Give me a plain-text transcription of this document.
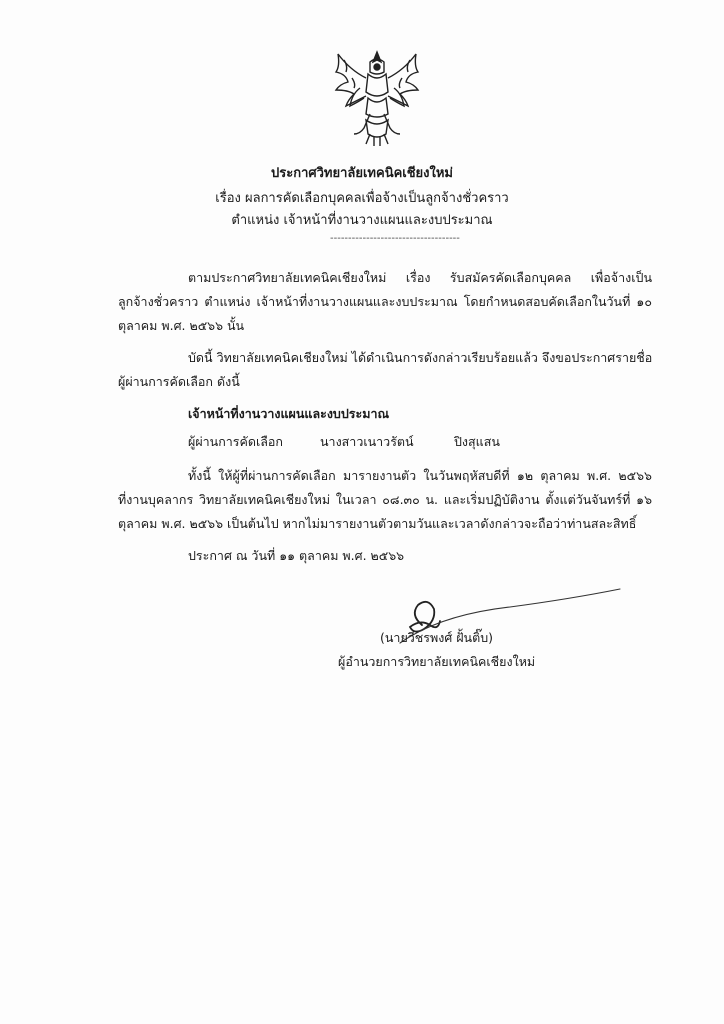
ประกาศวิทยาลัยเทคนิคเชียงใหม่
เรื่อง ผลการคัดเลือกบุคคลเพื่อจ้างเป็นลูกจ้างชั่วคราว
ตำแหน่ง เจ้าหน้าที่งานวางแผนและงบประมาณ
------------------------------------
ตามประกาศวิทยาลัยเทคนิคเชียงใหม่ เรื่อง รับสมัครคัดเลือกบุคคล เพื่อจ้างเป็น
ลูกจ้างชั่วคราว ตำแหน่ง เจ้าหน้าที่งานวางแผนและงบประมาณ โดยกำหนดสอบคัดเลือกในวันที่ ๑๐
ตุลาคม พ.ศ. ๒๕๖๖ นั้น
บัดนี้ วิทยาลัยเทคนิคเชียงใหม่ ได้ดำเนินการดังกล่าวเรียบร้อยแล้ว จึงขอประกาศรายชื่อ
ผู้ผ่านการคัดเลือก ดังนี้
เจ้าหน้าที่งานวางแผนและงบประมาณ
ผู้ผ่านการคัดเลือก	นางสาวเนาวรัตน์	ปิงสุแสน
ทั้งนี้ ให้ผู้ที่ผ่านการคัดเลือก มารายงานตัว ในวันพฤหัสบดีที่ ๑๒ ตุลาคม พ.ศ. ๒๕๖๖
ที่งานบุคลากร วิทยาลัยเทคนิคเชียงใหม่ ในเวลา ๐๘.๓๐ น. และเริ่มปฏิบัติงาน ตั้งแต่วันจันทร์ที่ ๑๖
ตุลาคม พ.ศ. ๒๕๖๖ เป็นต้นไป หากไม่มารายงานตัวตามวันและเวลาดังกล่าวจะถือว่าท่านสละสิทธิ์
ประกาศ ณ วันที่ ๑๑ ตุลาคม พ.ศ. ๒๕๖๖
(นายวีชรพงศ์ ฝั้นติ๊บ)
ผู้อำนวยการวิทยาลัยเทคนิคเชียงใหม่
